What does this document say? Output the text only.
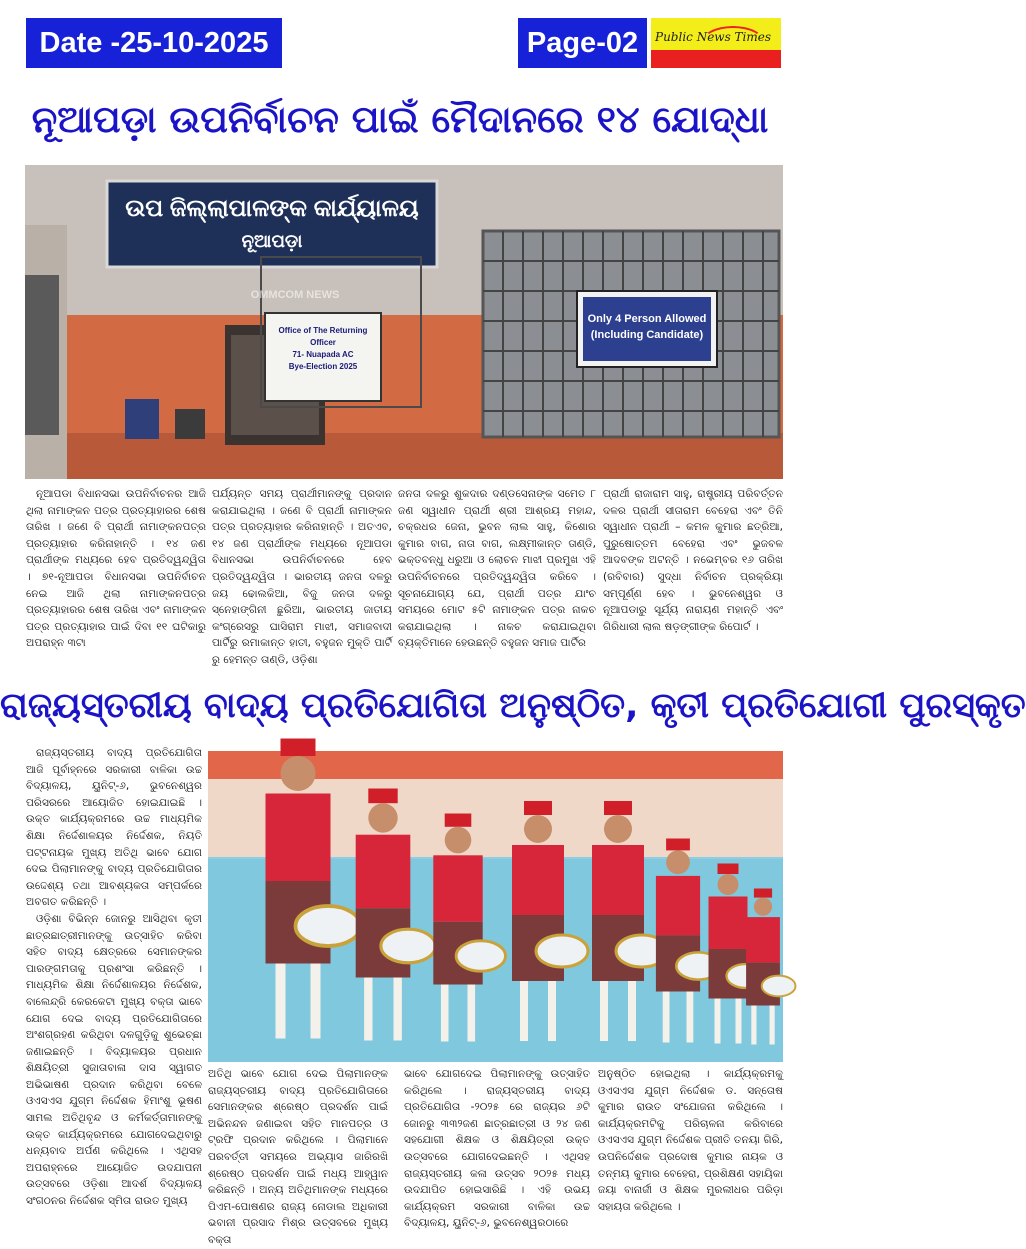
Date -25-10-2025	Page-02	Public News Times
ନୂଆପଡ଼ା ଉପନିର୍ବାଚନ ପାଇଁ ମୈଦାନରେ ୧୪ ଯୋଦ୍ଧା
ଉପ ଜିଲ୍ଲାପାଳଙ୍କ କାର୍ଯ୍ୟାଳୟ
ନୂଆପଡ଼ା
OMMCOM NEWS
Office of The Returning Officer
71- Nuapada AC
Bye-Election 2025
Only 4 Person Allowed
(Including Candidate)

ନୂଆପଡା ବିଧାନସଭା ଉପନିର୍ବାଚନର ଆଜି ଥିଲା ନାମାଙ୍କନ ପତ୍ର ପ୍ରତ୍ୟାହାରର ଶେଷ ତାରିଖ । ଜଣେ ବି ପ୍ରାର୍ଥୀ ନାମାଙ୍କନପତ୍ର ପ୍ରତ୍ୟାହାର କରିନାହାନ୍ତି । ୧୪ ଜଣ ପ୍ରାର୍ଥୀଙ୍କ ମଧ୍ୟରେ ହେବ ପ୍ରତିଦ୍ୱନ୍ଦ୍ୱିତା । ୭୧-ନୂଆପଡା ବିଧାନସଭା ଉପନିର୍ବାଚନ ନେଇ ଆଜି ଥିଲା ନାମାଙ୍କନପତ୍ର ପ୍ରତ୍ୟାହାରର ଶେଷ ତାରିଖ ଏବଂ ନାମାଙ୍କନ ପତ୍ର ପ୍ରତ୍ୟାହାର ପାଇଁ ଦିବା ୧୧ ଘଟିକାରୁ ଅପରାହ୍ନ ୩ଟା

ପର୍ଯ୍ୟନ୍ତ ସମୟ ପ୍ରାର୍ଥୀମାନଙ୍କୁ ପ୍ରଦାନ କରାଯାଇଥିଲା । ଜଣେ ବି ପ୍ରାର୍ଥୀ ନାମାଙ୍କନ ପତ୍ର ପ୍ରତ୍ୟାହାର କରିନାହାନ୍ତି । ଅତଏବ, ୧୪ ଜଣ ପ୍ରାର୍ଥୀଙ୍କ ମଧ୍ୟରେ ନୂଆପଡା ବିଧାନସଭା ଉପନିର୍ବାଚନରେ ହେବ ପ୍ରତିଦ୍ୱନ୍ଦ୍ୱିତା । ଭାରତୀୟ ଜନତା ଦଳରୁ ଜୟ ଢୋଲକିଆ, ବିଜୁ ଜନତା ଦଳରୁ ସ୍ନେହାଙ୍ଗିନୀ ଛୁରିଆ, ଭାରତୀୟ ଜାତୀୟ କଂଗ୍ରେସରୁ ଘାସିରାମ ମାଝୀ, ସମାଜବାଦୀ ପାର୍ଟିରୁ ରମାକାନ୍ତ ହାତୀ, ବହୁଜନ ମୁକ୍ତି ପାର୍ଟି ରୁ ହେମନ୍ତ ତାଣ୍ଡି, ଓଡ଼ିଶା

ଜନତା ଦଳରୁ ଶୁକଦାର ଦଣ୍ଡସେନାଙ୍କ ସମେତ ୮ ଜଣ ସ୍ୱାଧୀନ ପ୍ରାର୍ଥୀ ଶ୍ରୀ ଆଶ୍ରୟ ମହାନ୍ଦ, ଚକ୍ରଧର ଜେନା, ଭୁବନ ଲାଲ ସାହୁ, କିଶୋର କୁମାର ବାଗ, ନାତା ବାଗ, ଲକ୍ଷ୍ମୀକାନ୍ତ ତାଣ୍ଡି, ଭକ୍ତବନ୍ଧୁ ଧରୁଆ ଓ ଲୋଚନ ମାଝୀ ପ୍ରମୁଖ ଏହି ଉପନିର୍ବାଚନରେ ପ୍ରତିଦ୍ୱନ୍ଦ୍ୱିତା କରିବେ । ସୂଚନାଯୋଗ୍ୟ ଯେ, ପ୍ରାର୍ଥୀ ପତ୍ର ଯାଂଚ ସମୟରେ ମୋଟ ୫ଟି ନାମାଙ୍କନ ପତ୍ର ନାକଚ କରାଯାଇଥିଲା । ନାକଚ କରାଯାଇଥିବା ବ୍ୟକ୍ତିମାନେ ହେଉଛନ୍ତି ବହୁଜନ ସମାଜ ପାର୍ଟିର

ପ୍ରାର୍ଥୀ ରାଜାରାମ ସାହୁ, ରାଷ୍ଟ୍ରୀୟ ପରିବର୍ତ୍ତନ ଦଳର ପ୍ରାର୍ଥୀ ସୀତାରାମ ବେହେରା ଏବଂ ତିନି ସ୍ୱାଧୀନ ପ୍ରାର୍ଥୀ – କମଳ କୁମାର ଛତ୍ରିଆ, ପୁରୁଷୋତ୍ତମ ବେହେରା ଏବଂ ଭୁଜବଳ ଆଦବଙ୍କ ଅଟନ୍ତି । ନଭେମ୍ବର ୧୬ ତାରିଖ (ରବିବାର) ସୁଦ୍ଧା ନିର୍ବାଚନ ପ୍ରକ୍ରିୟା ସମ୍ପୂର୍ଣ୍ଣ ହେବ । ଭୁବନେଶ୍ୱର ଓ ନୂଆପଡାରୁ ସୂର୍ଯ୍ୟ ନାରାୟଣ ମହାନ୍ତି ଏବଂ ଗିରିଧାରୀ ଲାଲ ଷଡ଼ଙ୍ଗୀଙ୍କ ରିପୋର୍ଟ ।

ରାଜ୍ୟସ୍ତରୀୟ ବାଦ୍ୟ ପ୍ରତିଯୋଗିତା ଅନୁଷ୍ଠିତ, କୃତୀ ପ୍ରତିଯୋଗୀ ପୁରସ୍କୃତ

ରାଜ୍ୟସ୍ତରୀୟ ବାଦ୍ୟ ପ୍ରତିଯୋଗିତା ଆଜି ପୂର୍ବାହ୍ନରେ ସରକାରୀ ବାଳିକା ଉଚ୍ଚ ବିଦ୍ୟାଳୟ, ୟୁନିଟ୍-୬, ଭୁବନେଶ୍ୱର ପରିସରରେ ଆୟୋଜିତ ହୋଇଯାଇଛି । ଉକ୍ତ କାର୍ଯ୍ୟକ୍ରମରେ ଉଚ୍ଚ ମାଧ୍ୟମିକ ଶିକ୍ଷା ନିର୍ଦ୍ଦେଶାଳୟର ନିର୍ଦ୍ଦେଶକ, ନିୟତି ପଟ୍ଟନାୟକ ମୁଖ୍ୟ ଅତିଥି ଭାବେ ଯୋଗ ଦେଇ ପିଲାମାନଙ୍କୁ ବାଦ୍ୟ ପ୍ରତିଯୋଗିତାର ଉଦ୍ଦେଶ୍ୟ ତଥା ଆବଶ୍ୟକତା ସମ୍ପର୍କରେ ଅବଗତ କରିଛନ୍ତି ।

ଓଡ଼ିଶା ବିଭିନ୍ନ ଜୋନରୁ ଆସିଥିବା କୃତୀ ଛାତ୍ରଛାତ୍ରୀମାନଙ୍କୁ ଉତ୍ସାହିତ କରିବା ସହିତ ବାଦ୍ୟ କ୍ଷେତ୍ରରେ ସେମାନଙ୍କର ପାରଙ୍ଗମତାକୁ ପ୍ରଶଂସା କରିଛନ୍ତି । ମାଧ୍ୟମିକ ଶିକ୍ଷା ନିର୍ଦ୍ଦେଶାଳୟର ନିର୍ଦ୍ଦେଶକ, ବାଲେନ୍ଦ୍ରି କେରକେଟା ମୁଖ୍ୟ ବକ୍ତା ଭାବେ ଯୋଗ ଦେଇ ବାଦ୍ୟ ପ୍ରତିଯୋଗିତାରେ ଅଂଶଗ୍ରହଣ କରିଥିବା ଦଳଗୁଡ଼ିକୁ ଶୁଭେଚ୍ଛା ଜଣାଇଛନ୍ତି । ବିଦ୍ୟାଳୟର ପ୍ରଧାନ ଶିକ୍ଷୟିତ୍ରୀ ସୁଜାତାବାଳା ଦାସ ସ୍ୱାଗତ ଅଭିଭାଷଣ ପ୍ରଦାନ କରିଥିବା ବେଳେ ଓଏସଏସ ଯୁଗ୍ମ ନିର୍ଦ୍ଦେଶକ ହିମାଂଶୁ ଭୂଷଣ ସାମଲ ଅତିଥିବୃନ୍ଦ ଓ କର୍ମକର୍ତ୍ତାମାନଙ୍କୁ ଉକ୍ତ କାର୍ଯ୍ୟକ୍ରମରେ ଯୋଗଦେଇଥିବାରୁ ଧନ୍ୟବାଦ ଅର୍ପଣ କରିଥିଲେ । ଏଥିସହ ଅପରାହ୍ନରେ ଆୟୋଜିତ ଉଦଯାପନୀ ଉତ୍ସବରେ ଓଡ଼ିଶା ଆଦର୍ଶ ବିଦ୍ୟାଳୟ ସଂଗଠନର ନିର୍ଦ୍ଦେଶକ ସ୍ମିତା ରାଉତ ମୁଖ୍ୟ

ଅତିଥି ଭାବେ ଯୋଗ ଦେଇ ପିଲାମାନଙ୍କ ରାଜ୍ୟସ୍ତରୀୟ ବାଦ୍ୟ ପ୍ରତିଯୋଗିତାରେ ସେମାନଙ୍କର ଶ୍ରେଷ୍ଠ ପ୍ରଦର୍ଶନ ପାଇଁ ଅଭିନନ୍ଦନ ଜଣାଇବା ସହିତ ମାନପତ୍ର ଓ ଟ୍ରଫି ପ୍ରଦାନ କରିଥିଲେ । ପିଲାମାନେ ପରବର୍ତ୍ତୀ ସମୟରେ ଅଭ୍ୟାସ ଜାରିରଖି ଶ୍ରେଷ୍ଠ ପ୍ରଦର୍ଶନ ପାଇଁ ମଧ୍ୟ ଆହ୍ୱାନ କରିଛନ୍ତି । ଅନ୍ୟ ଅତିଥିମାନଙ୍କ ମଧ୍ୟରେ ପିଏମ-ପୋଷଣର ରାଜ୍ୟ ନୋଡାଲ ଅଧିକାରୀ ଭବାନୀ ପ୍ରସାଦ ମିଶ୍ର ଉତ୍ସବରେ ମୁଖ୍ୟ ବକ୍ତା

ଭାବେ ଯୋଗଦେଇ ପିଲାମାନଙ୍କୁ ଉତ୍ସାହିତ କରିଥିଲେ । ରାଜ୍ୟସ୍ତରୀୟ ବାଦ୍ୟ ପ୍ରତିଯୋଗିତା -୨୦୨୫ ରେ ରାଜ୍ୟର ୬ଟି ଜୋନରୁ ୩୩୨ଜଣ ଛାତ୍ରଛାତ୍ରୀ ଓ ୨୪ ଜଣ ସହଯୋଗୀ ଶିକ୍ଷକ ଓ ଶିକ୍ଷୟିତ୍ରୀ ଉକ୍ତ ଉତ୍ସବରେ ଯୋଗଦେଇଛନ୍ତି । ଏଥିସହ ରାଜ୍ୟସ୍ତରୀୟ କଳା ଉତ୍ସବ ୨୦୨୫ ମଧ୍ୟ ଉଦଯାପିତ ହୋଇସାରିଛି । ଏହି ଉଭୟ କାର୍ଯ୍ୟକ୍ରମ ସରକାରୀ ବାଳିକା ଉଚ୍ଚ ବିଦ୍ୟାଳୟ, ୟୁନିଟ୍-୬, ଭୁବନେଶ୍ୱରଠାରେ

ଅନୁଷ୍ଠିତ ହୋଇଥିଲା । କାର୍ଯ୍ୟକ୍ରମକୁ ଓଏସଏସ ଯୁଗ୍ମ ନିର୍ଦ୍ଦେଶକ ଡ. ସନ୍ତୋଷ କୁମାର ରାଉତ ସଂଯୋଜନା କରିଥିଲେ । କାର୍ଯ୍ୟକ୍ରମଟିକୁ ପରିଚାଳନା କରିବାରେ ଓଏସଏସ ଯୁଗ୍ମ ନିର୍ଦ୍ଦେଶକ ପ୍ରୀତି ତନୟା ଗିରି, ଉପନିର୍ଦ୍ଦେଶକ ପ୍ରଦୋଷ କୁମାର ନାୟକ ଓ ତନ୍ମୟ କୁମାର ବେହେରା, ପ୍ରଶିକ୍ଷଣ ସହାୟିକା ଜୟା ବାନାର୍ଜୀ ଓ ଶିକ୍ଷକ ମୁରଲୀଧର ପରିଡ଼ା ସହାୟତା କରିଥିଲେ ।
